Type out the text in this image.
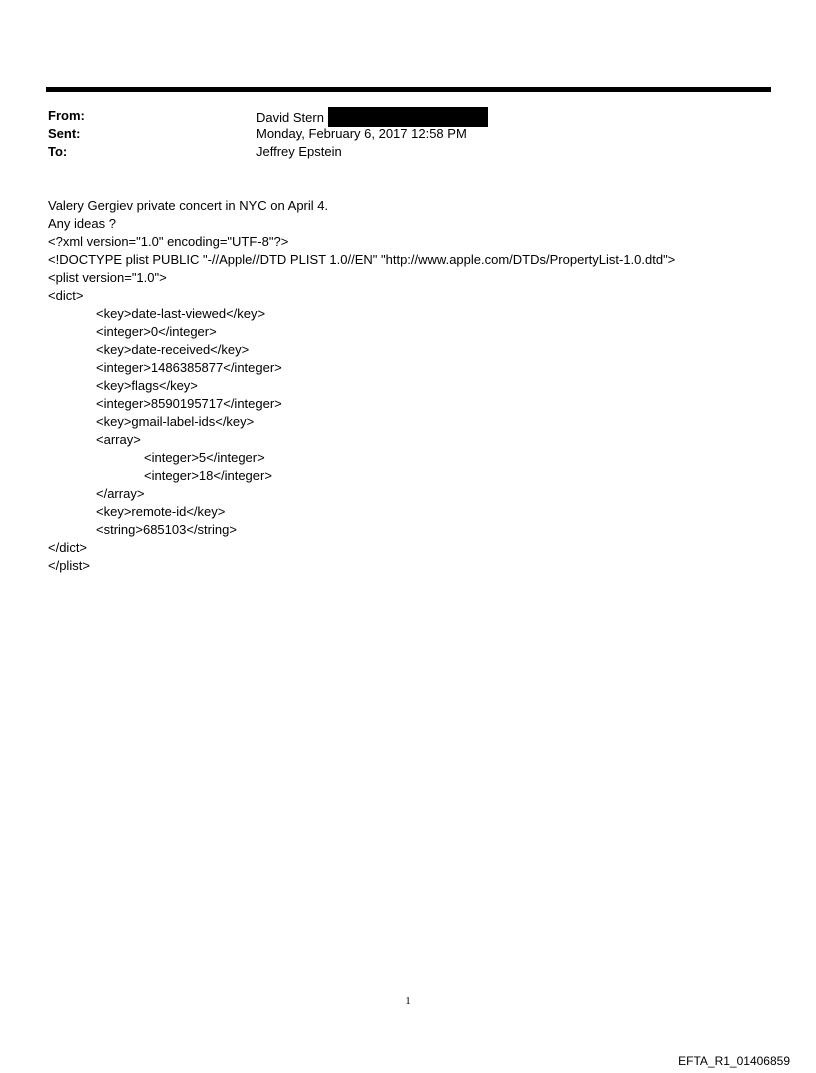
From:	David Stern
Sent:	Monday, February 6, 2017 12:58 PM
To:	Jeffrey Epstein
Valery Gergiev private concert in NYC on April 4.
Any ideas ?
<?xml version="1.0" encoding="UTF-8"?>
<!DOCTYPE plist PUBLIC "-//Apple//DTD PLIST 1.0//EN" "http://www.apple.com/DTDs/PropertyList-1.0.dtd">
<plist version="1.0">
<dict>
<key>date-last-viewed</key>
<integer>0</integer>
<key>date-received</key>
<integer>1486385877</integer>
<key>flags</key>
<integer>8590195717</integer>
<key>gmail-label-ids</key>
<array>
<integer>5</integer>
<integer>18</integer>
</array>
<key>remote-id</key>
<string>685103</string>
</dict>
</plist>
1
EFTA_R1_01406859
